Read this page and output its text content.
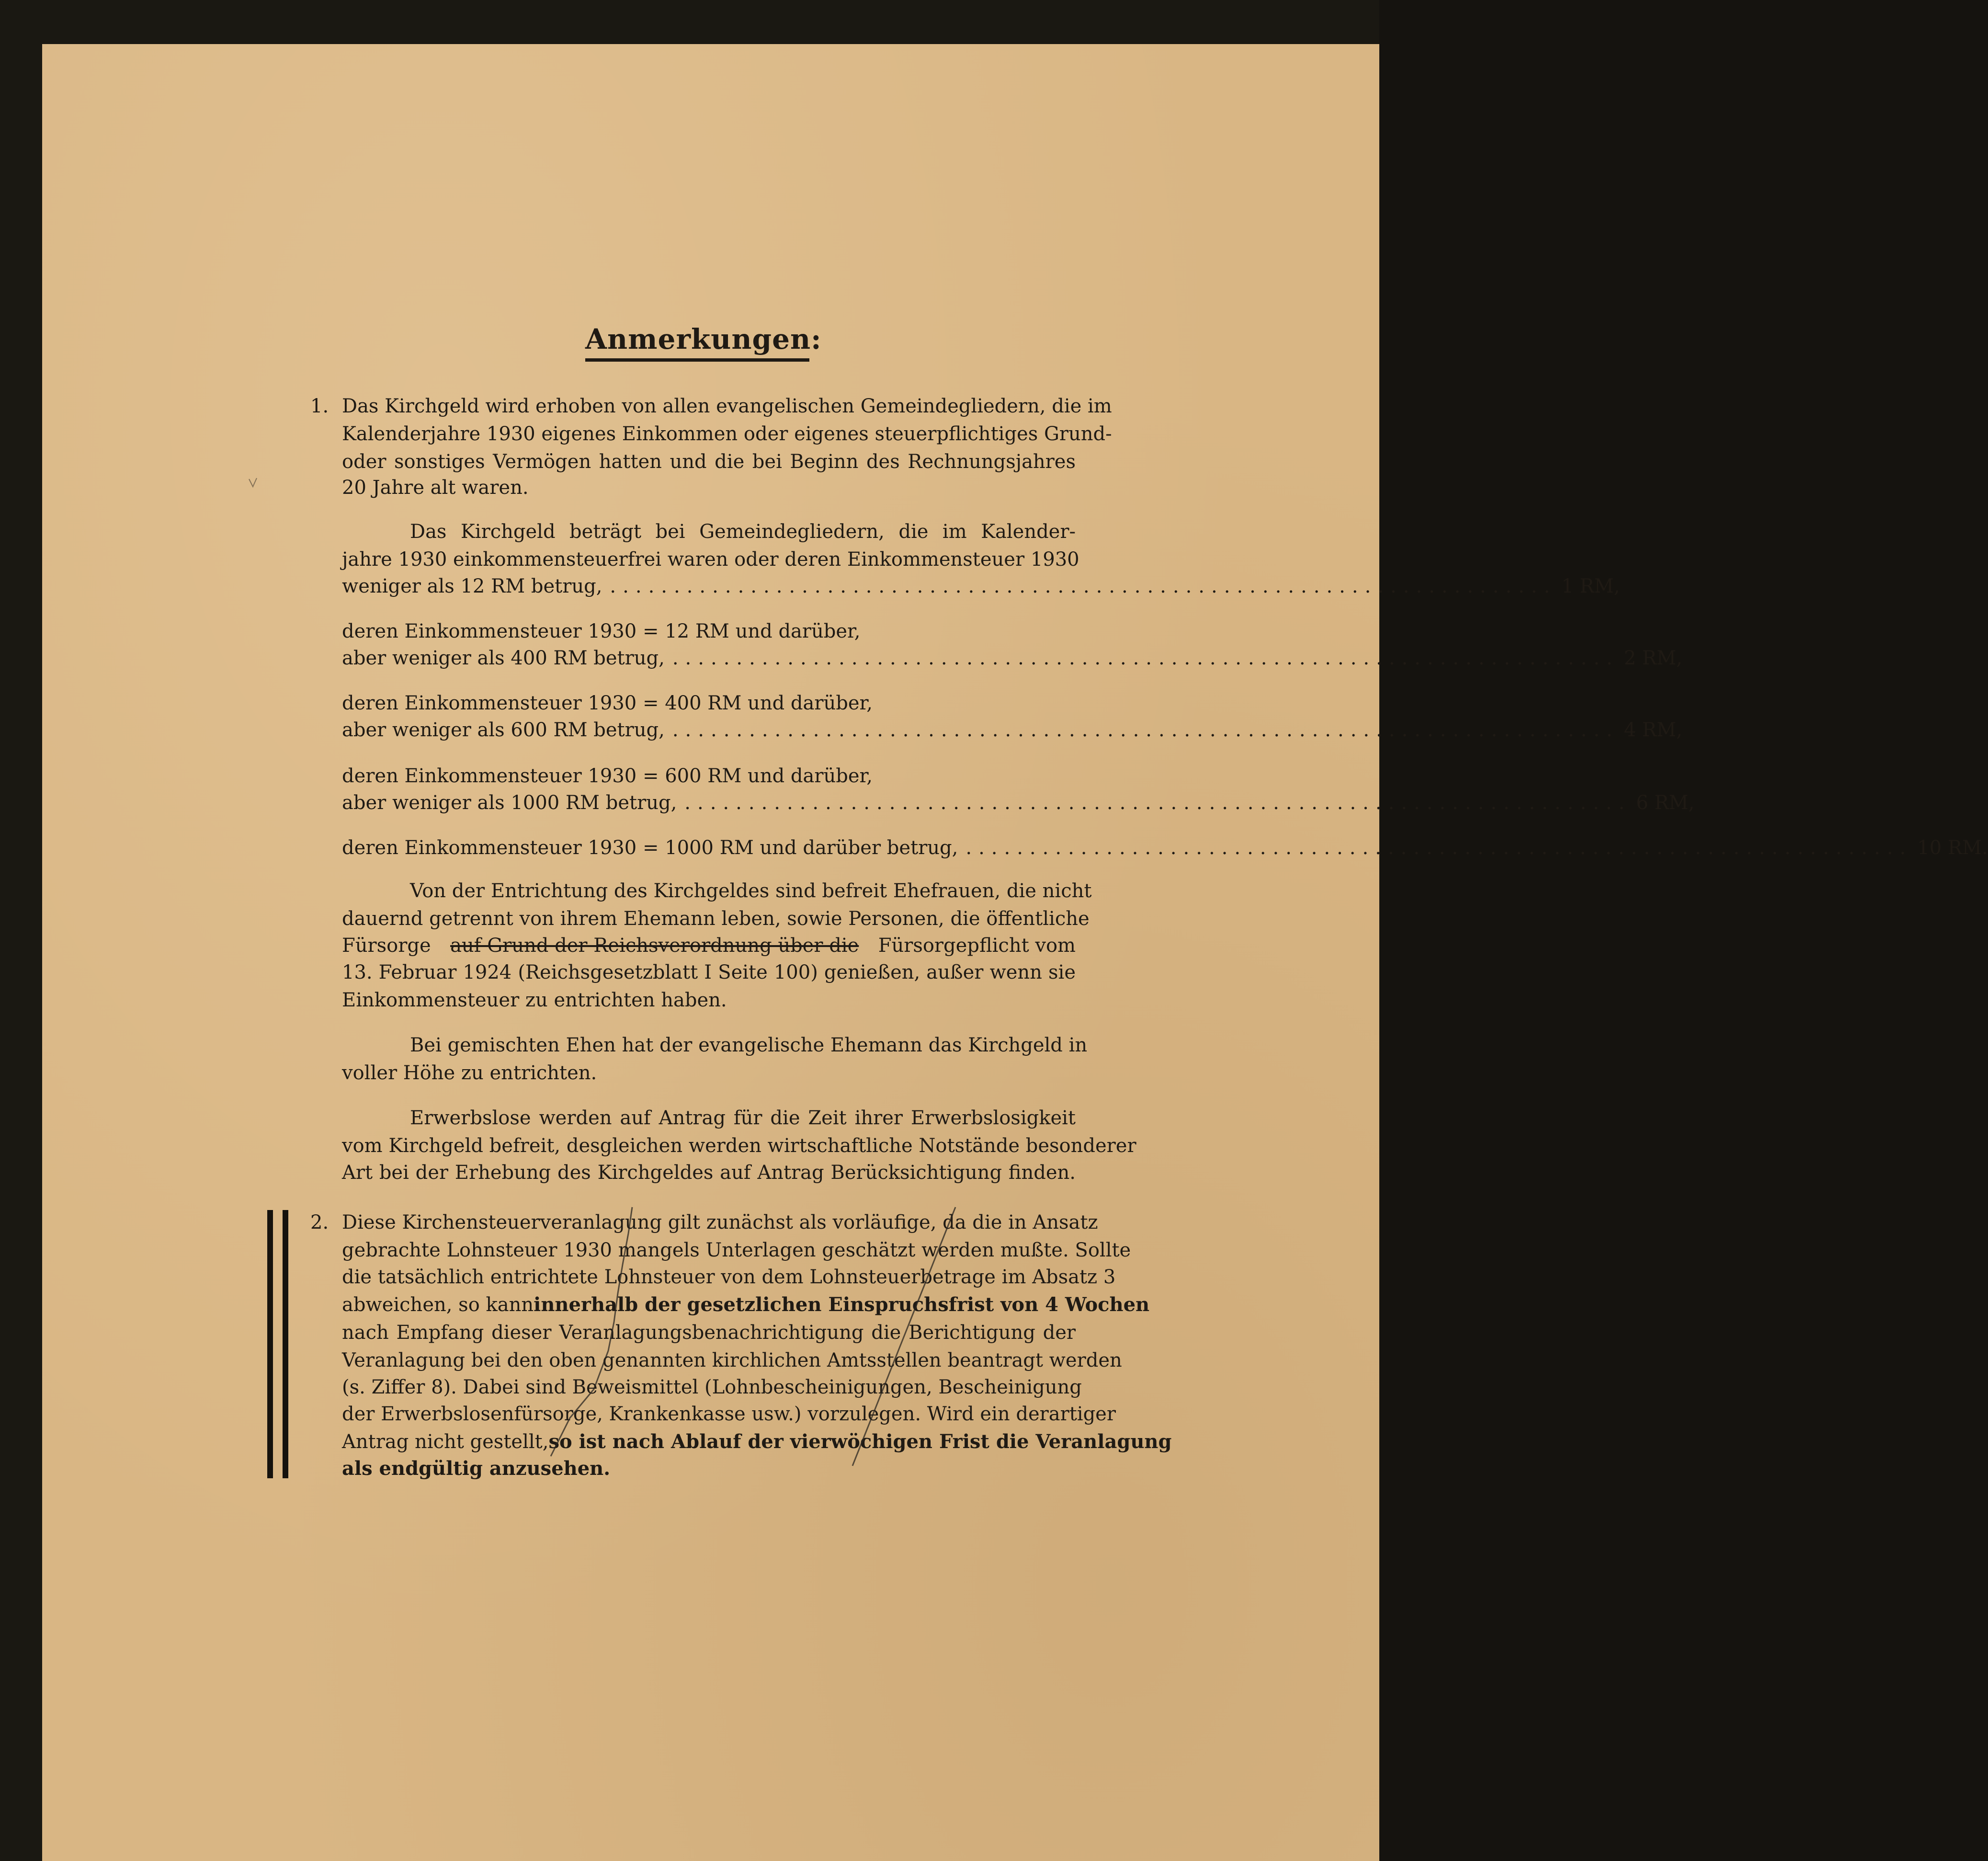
Anmerkungen:
1. Das Kirchgeld wird erhoben von allen evangelischen Gemeindegliedern, die im
Kalenderjahre 1930 eigenes Einkommen oder eigenes steuerpflichtiges Grund-
oder sonstiges Vermögen hatten und die bei Beginn des Rechnungsjahres
20 Jahre alt waren.
Das Kirchgeld beträgt bei Gemeindegliedern, die im Kalender-
jahre 1930 einkommensteuerfrei waren oder deren Einkommensteuer 1930
weniger als 12 RM betrug, .......................................................................... 1 RM,
deren Einkommensteuer 1930 = 12 RM und darüber,
aber weniger als 400 RM betrug, .......................................................................... 2 RM,
deren Einkommensteuer 1930 = 400 RM und darüber,
aber weniger als 600 RM betrug, .......................................................................... 4 RM,
deren Einkommensteuer 1930 = 600 RM und darüber,
aber weniger als 1000 RM betrug, .......................................................................... 6 RM,
deren Einkommensteuer 1930 = 1000 RM und darüber betrug, .......................................................................... 10 RM.
Von der Entrichtung des Kirchgeldes sind befreit Ehefrauen, die nicht
dauernd getrennt von ihrem Ehemann leben, sowie Personen, die öffentliche
Fürsorge auf Grund der Reichsverordnung über die Fürsorgepflicht vom
13. Februar 1924 (Reichsgesetzblatt I Seite 100) genießen, außer wenn sie
Einkommensteuer zu entrichten haben.
Bei gemischten Ehen hat der evangelische Ehemann das Kirchgeld in
voller Höhe zu entrichten.
Erwerbslose werden auf Antrag für die Zeit ihrer Erwerbslosigkeit
vom Kirchgeld befreit, desgleichen werden wirtschaftliche Notstände besonderer
Art bei der Erhebung des Kirchgeldes auf Antrag Berücksichtigung finden.
2. Diese Kirchensteuerveranlagung gilt zunächst als vorläufige, da die in Ansatz
gebrachte Lohnsteuer 1930 mangels Unterlagen geschätzt werden mußte. Sollte
die tatsächlich entrichtete Lohnsteuer von dem Lohnsteuerbetrage im Absatz 3
abweichen, so kann innerhalb der gesetzlichen Einspruchsfrist von 4 Wochen
nach Empfang dieser Veranlagungsbenachrichtigung die Berichtigung der
Veranlagung bei den oben genannten kirchlichen Amtsstellen beantragt werden
(s. Ziffer 8). Dabei sind Beweismittel (Lohnbescheinigungen, Bescheinigung
der Erwerbslosenfürsorge, Krankenkasse usw.) vorzulegen. Wird ein derartiger
Antrag nicht gestellt, so ist nach Ablauf der vierwöchigen Frist die Veranlagung
als endgültig anzusehen.
